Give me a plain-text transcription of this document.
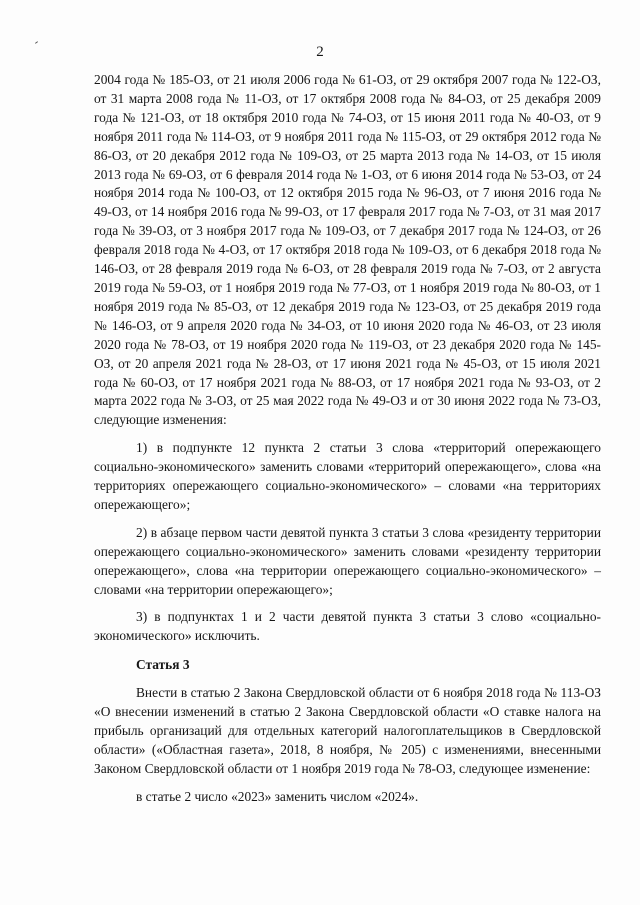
2

2004 года № 185-ОЗ, от 21 июля 2006 года № 61-ОЗ, от 29 октября 2007 года № 122-ОЗ, от 31 марта 2008 года № 11-ОЗ, от 17 октября 2008 года № 84-ОЗ, от 25 декабря 2009 года № 121-ОЗ, от 18 октября 2010 года № 74-ОЗ, от 15 июня 2011 года № 40-ОЗ, от 9 ноября 2011 года № 114-ОЗ, от 9 ноября 2011 года № 115-ОЗ, от 29 октября 2012 года № 86-ОЗ, от 20 декабря 2012 года № 109-ОЗ, от 25 марта 2013 года № 14-ОЗ, от 15 июля 2013 года № 69-ОЗ, от 6 февраля 2014 года № 1-ОЗ, от 6 июня 2014 года № 53-ОЗ, от 24 ноября 2014 года № 100-ОЗ, от 12 октября 2015 года № 96-ОЗ, от 7 июня 2016 года № 49-ОЗ, от 14 ноября 2016 года № 99-ОЗ, от 17 февраля 2017 года № 7-ОЗ, от 31 мая 2017 года № 39-ОЗ, от 3 ноября 2017 года № 109-ОЗ, от 7 декабря 2017 года № 124-ОЗ, от 26 февраля 2018 года № 4-ОЗ, от 17 октября 2018 года № 109-ОЗ, от 6 декабря 2018 года № 146-ОЗ, от 28 февраля 2019 года № 6-ОЗ, от 28 февраля 2019 года № 7-ОЗ, от 2 августа 2019 года № 59-ОЗ, от 1 ноября 2019 года № 77-ОЗ, от 1 ноября 2019 года № 80-ОЗ, от 1 ноября 2019 года № 85-ОЗ, от 12 декабря 2019 года № 123-ОЗ, от 25 декабря 2019 года № 146-ОЗ, от 9 апреля 2020 года № 34-ОЗ, от 10 июня 2020 года № 46-ОЗ, от 23 июля 2020 года № 78-ОЗ, от 19 ноября 2020 года № 119-ОЗ, от 23 декабря 2020 года № 145-ОЗ, от 20 апреля 2021 года № 28-ОЗ, от 17 июня 2021 года № 45-ОЗ, от 15 июля 2021 года № 60-ОЗ, от 17 ноября 2021 года № 88-ОЗ, от 17 ноября 2021 года № 93-ОЗ, от 2 марта 2022 года № 3-ОЗ, от 25 мая 2022 года № 49-ОЗ и от 30 июня 2022 года № 73-ОЗ, следующие изменения:

1) в подпункте 12 пункта 2 статьи 3 слова «территорий опережающего социально-экономического» заменить словами «территорий опережающего», слова «на территориях опережающего социально-экономического» – словами «на территориях опережающего»;

2) в абзаце первом части девятой пункта 3 статьи 3 слова «резиденту территории опережающего социально-экономического» заменить словами «резиденту территории опережающего», слова «на территории опережающего социально-экономического» – словами «на территории опережающего»;

3) в подпунктах 1 и 2 части девятой пункта 3 статьи 3 слово «социально-экономического» исключить.

Статья 3

Внести в статью 2 Закона Свердловской области от 6 ноября 2018 года № 113-ОЗ «О внесении изменений в статью 2 Закона Свердловской области «О ставке налога на прибыль организаций для отдельных категорий налогоплательщиков в Свердловской области» («Областная газета», 2018, 8 ноября, № 205) с изменениями, внесенными Законом Свердловской области от 1 ноября 2019 года № 78-ОЗ, следующее изменение:

в статье 2 число «2023» заменить числом «2024».
